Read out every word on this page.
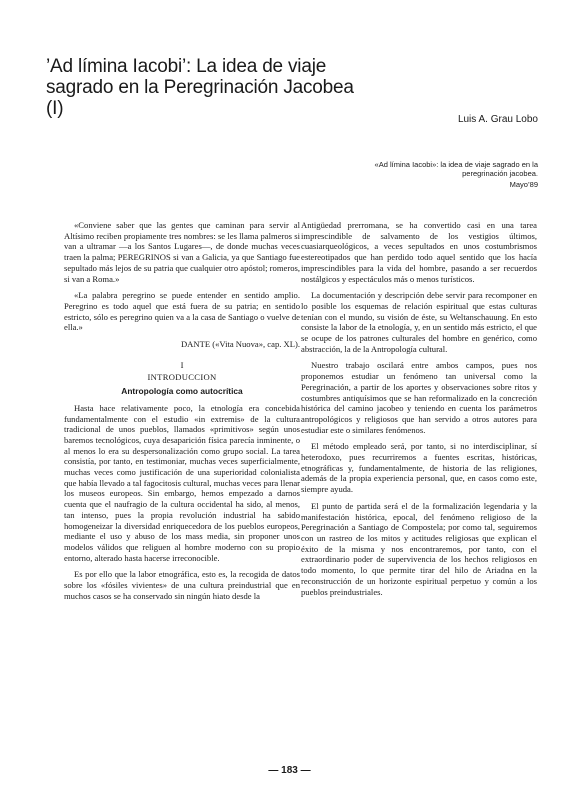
’Ad límina Iacobi’: La idea de viaje sagrado en la Peregrinación Jacobea (I)
Luis A. Grau Lobo
«Ad límina Iacobi»: la idea de viaje sagrado en la peregrinación jacobea.
Mayo’89

«Conviene saber que las gentes que caminan para servir al Altísimo reciben propiamente tres nombres: se les llama palmeros si van a ultramar —a los Santos Lugares—, de donde muchas veces traen la palma; PEREGRINOS si van a Galicia, ya que Santiago fue sepultado más lejos de su patria que cualquier otro apóstol; romeros, si van a Roma.»

«La palabra peregrino se puede entender en sentido amplio. Peregrino es todo aquel que está fuera de su patria; en sentido estricto, sólo es peregrino quien va a la casa de Santiago o vuelve de ella.»

DANTE («Vita Nuova», cap. XL).

I
INTRODUCCION
Antropología como autocrítica

Hasta hace relativamente poco, la etnología era concebida fundamentalmente con el estudio «in extremis» de la cultura tradicional de unos pueblos, llamados «primitivos» según unos baremos tecnológicos, cuya desaparición física parecía inminente, o al menos lo era su despersonalización como grupo social. La tarea consistía, por tanto, en testimoniar, muchas veces superficialmente, muchas veces como justificación de una superioridad colonialista que había llevado a tal fagocitosis cultural, muchas veces para llenar los museos europeos. Sin embargo, hemos empezado a darnos cuenta que el naufragio de la cultura occidental ha sido, al menos, tan intenso, pues la propia revolución industrial ha sabido homogeneizar la diversidad enriquecedora de los pueblos europeos, mediante el uso y abuso de los mass media, sin proponer unos modelos válidos que religuen al hombre moderno con su propio entorno, alterado hasta hacerse irreconocible.

Es por ello que la labor etnográfica, esto es, la recogida de datos sobre los «fósiles vivientes» de una cultura preindustrial que en muchos casos se ha conservado sin ningún hiato desde la

Antigüedad prerromana, se ha convertido casi en una tarea imprescindible de salvamento de los vestigios últimos, cuasiarqueológicos, a veces sepultados en unos costumbrismos estereotipados que han perdido todo aquel sentido que los hacía imprescindibles para la vida del hombre, pasando a ser recuerdos nostálgicos y espectáculos más o menos turísticos.

La documentación y descripción debe servir para recomponer en lo posible los esquemas de relación espiritual que estas culturas tenían con el mundo, su visión de éste, su Weltanschauung. En esto consiste la labor de la etnología, y, en un sentido más estricto, el que se ocupe de los patrones culturales del hombre en genérico, como abstracción, la de la Antropología cultural.

Nuestro trabajo oscilará entre ambos campos, pues nos proponemos estudiar un fenómeno tan universal como la Peregrinación, a partir de los aportes y observaciones sobre ritos y costumbres antiquísimos que se han reformalizado en la concreción histórica del camino jacobeo y teniendo en cuenta los parámetros antropológicos y religiosos que han servido a otros autores para estudiar este o similares fenómenos.

El método empleado será, por tanto, si no interdisciplinar, sí heterodoxo, pues recurriremos a fuentes escritas, históricas, etnográficas y, fundamentalmente, de historia de las religiones, además de la propia experiencia personal, que, en casos como este, siempre ayuda.

El punto de partida será el de la formalización legendaria y la manifestación histórica, epocal, del fenómeno religioso de la Peregrinación a Santiago de Compostela; por como tal, seguiremos con un rastreo de los mitos y actitudes religiosas que explican el éxito de la misma y nos encontraremos, por tanto, con el extraordinario poder de supervivencia de los hechos religiosos en todo momento, lo que permite tirar del hilo de Ariadna en la reconstrucción de un horizonte espiritual perpetuo y común a los pueblos preindustriales.

— 183 —
